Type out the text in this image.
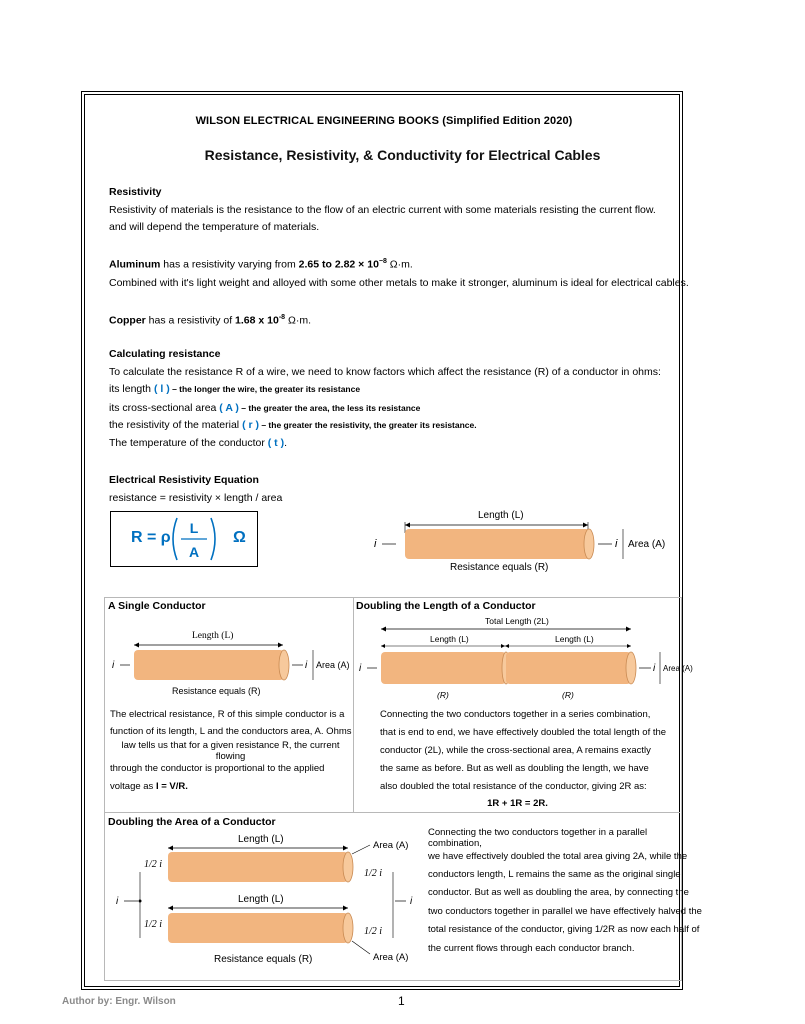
WILSON ELECTRICAL ENGINEERING BOOKS (Simplified Edition 2020)
Resistance, Resistivity, & Conductivity for Electrical Cables
Resistivity
Resistivity of materials is the resistance to the flow of an electric current with some materials resisting the current flow.
and will depend the temperature of materials.
Aluminum has a resistivity varying from 2.65 to $2.82 \times 10^{-8}$ Ω·m.
Combined with it's light weight and alloyed with some other metals to make it stronger, aluminum is ideal for electrical cables.
Copper has a resistivity of 1.68 x $10^{-8}$ Ω·m.
Calculating resistance
To calculate the resistance R of a wire, we need to know factors which affect the resistance (R) of a conductor in ohms:
its length ( l ) – the longer the wire, the greater its resistance
its cross-sectional area ( A ) – the greater the area, the less its resistance
the resistivity of the material ( r ) – the greater the resistivity, the greater its resistance.
The temperature of the conductor ( t ).
Electrical Resistivity Equation
resistance = resistivity × length / area
R = ρ
L
A
Ω
Length (L)
i	i Area (A)
Resistance equals (R)
A Single Conductor
Length (L)
i	i Area (A)
Resistance equals (R)
The electrical resistance, R of this simple conductor is a
function of its length, L and the conductors area, A. Ohms
law tells us that for a given resistance R, the current
flowing
through the conductor is proportional to the applied
voltage as I = V/R.
Doubling the Length of a Conductor
Total Length (2L)
Length (L)	Length (L)
i	i Area (A)
(R)	(R)
Connecting the two conductors together in a series combination,
that is end to end, we have effectively doubled the total length of the
conductor (2L), while the cross-sectional area, A remains exactly
the same as before. But as well as doubling the length, we have
also doubled the total resistance of the conductor, giving 2R as:
1R + 1R = 2R.
Doubling the Area of a Conductor
Length (L)
Area (A)
1/2 i
1/2 i
Length (L)
1/2 i
1/2 i
Area (A)
i	i
Resistance equals (R)
Connecting the two conductors together in a parallel
combination,
we have effectively doubled the total area giving 2A, while the
conductors length, L remains the same as the original single
conductor. But as well as doubling the area, by connecting the
two conductors together in parallel we have effectively halved the
total resistance of the conductor, giving 1/2R as now each half of
the current flows through each conductor branch.
Author by: Engr. Wilson	1
